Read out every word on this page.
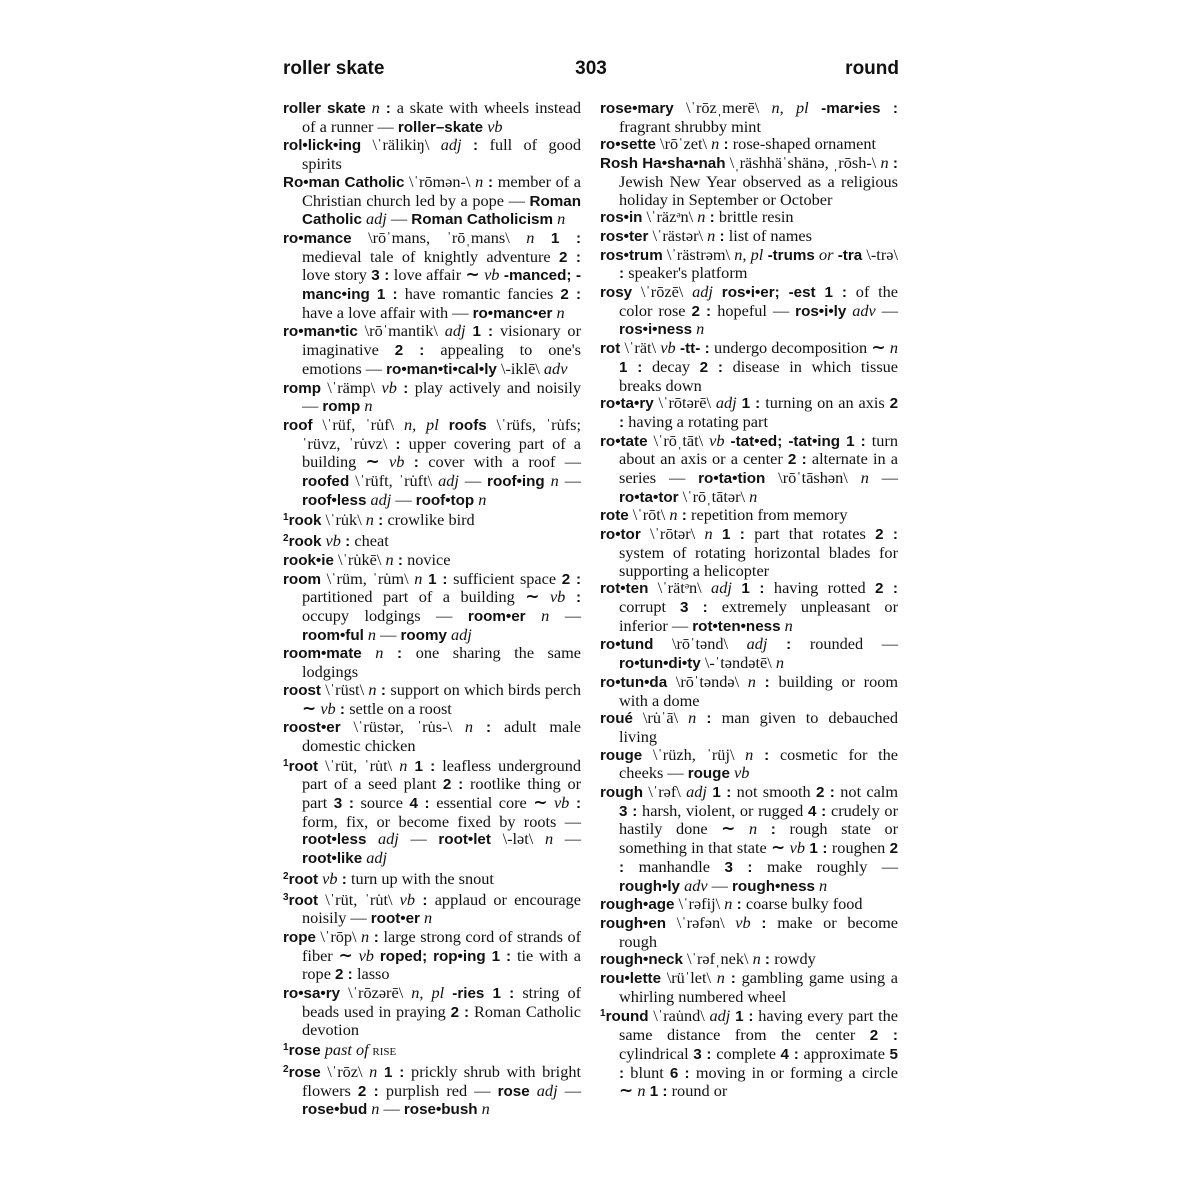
roller skate	303	round

roller skate n : a skate with wheels instead of a runner — roller–skate vb

rol•lick•ing \ˈrälikiŋ\ adj : full of good spirits

Ro•man Catholic \ˈrōmən-\ n : member of a Christian church led by a pope — Roman Catholic adj — Roman Catholicism n

ro•mance \rōˈmans, ˈrōˌmans\ n 1 : medieval tale of knightly adventure 2 : love story 3 : love affair ~ vb -manced; -manc•ing 1 : have romantic fancies 2 : have a love affair with — ro•manc•er n

ro•man•tic \rōˈmantik\ adj 1 : visionary or imaginative 2 : appealing to one's emotions — ro•man•ti•cal•ly \-iklē\ adv

romp \ˈrämp\ vb : play actively and noisily — romp n

roof \ˈrüf, ˈru̇f\ n, pl roofs \ˈrüfs, ˈru̇fs; ˈrüvz, ˈru̇vz\ : upper covering part of a building ~ vb : cover with a roof — roofed \ˈrüft, ˈru̇ft\ adj — roof•ing n — roof•less adj — roof•top n

$^1$rook \ˈru̇k\ n : crowlike bird

$^2$rook vb : cheat

rook•ie \ˈru̇kē\ n : novice

room \ˈrüm, ˈru̇m\ n 1 : sufficient space 2 : partitioned part of a building ~ vb : occupy lodgings — room•er n — room•ful n — roomy adj

room•mate n : one sharing the same lodgings

roost \ˈrüst\ n : support on which birds perch ~ vb : settle on a roost

roost•er \ˈrüstər, ˈru̇s-\ n : adult male domestic chicken

$^1$root \ˈrüt, ˈru̇t\ n 1 : leafless underground part of a seed plant 2 : rootlike thing or part 3 : source 4 : essential core ~ vb : form, fix, or become fixed by roots — root•less adj — root•let \-lət\ n — root•like adj

$^2$root vb : turn up with the snout

$^3$root \ˈrüt, ˈru̇t\ vb : applaud or encourage noisily — root•er n

rope \ˈrōp\ n : large strong cord of strands of fiber ~ vb roped; rop•ing 1 : tie with a rope 2 : lasso

ro•sa•ry \ˈrōzərē\ n, pl -ries 1 : string of beads used in praying 2 : Roman Catholic devotion

$^1$rose past of rise

$^2$rose \ˈrōz\ n 1 : prickly shrub with bright flowers 2 : purplish red — rose adj — rose•bud n — rose•bush n

rose•mary \ˈrōzˌmerē\ n, pl -mar•ies : fragrant shrubby mint

ro•sette \rōˈzet\ n : rose-shaped ornament

Rosh Ha•sha•nah \ˌräshhäˈshänə, ˌrōsh-\ n : Jewish New Year observed as a religious holiday in September or October

ros•in \ˈräzᵊn\ n : brittle resin

ros•ter \ˈrästər\ n : list of names

ros•trum \ˈrästrəm\ n, pl -trums or -tra \-trə\ : speaker's platform

rosy \ˈrōzē\ adj ros•i•er; -est 1 : of the color rose 2 : hopeful — ros•i•ly adv — ros•i•ness n

rot \ˈrät\ vb -tt- : undergo decomposition ~ n 1 : decay 2 : disease in which tissue breaks down

ro•ta•ry \ˈrōtərē\ adj 1 : turning on an axis 2 : having a rotating part

ro•tate \ˈrōˌtāt\ vb -tat•ed; -tat•ing 1 : turn about an axis or a center 2 : alternate in a series — ro•ta•tion \rōˈtāshən\ n — ro•ta•tor \ˈrōˌtātər\ n

rote \ˈrōt\ n : repetition from memory

ro•tor \ˈrōtər\ n 1 : part that rotates 2 : system of rotating horizontal blades for supporting a helicopter

rot•ten \ˈrätᵊn\ adj 1 : having rotted 2 : corrupt 3 : extremely unpleasant or inferior — rot•ten•ness n

ro•tund \rōˈtənd\ adj : rounded — ro•tun•di•ty \-ˈtəndətē\ n

ro•tun•da \rōˈtəndə\ n : building or room with a dome

roué \ru̇ˈā\ n : man given to debauched living

rouge \ˈrüzh, ˈrüj\ n : cosmetic for the cheeks — rouge vb

rough \ˈrəf\ adj 1 : not smooth 2 : not calm 3 : harsh, violent, or rugged 4 : crudely or hastily done ~ n : rough state or something in that state ~ vb 1 : roughen 2 : manhandle 3 : make roughly — rough•ly adv — rough•ness n

rough•age \ˈrəfij\ n : coarse bulky food

rough•en \ˈrəfən\ vb : make or become rough

rough•neck \ˈrəfˌnek\ n : rowdy

rou•lette \rüˈlet\ n : gambling game using a whirling numbered wheel

$^1$round \ˈrau̇nd\ adj 1 : having every part the same distance from the center 2 : cylindrical 3 : complete 4 : approximate 5 : blunt 6 : moving in or forming a circle ~ n 1 : round or
